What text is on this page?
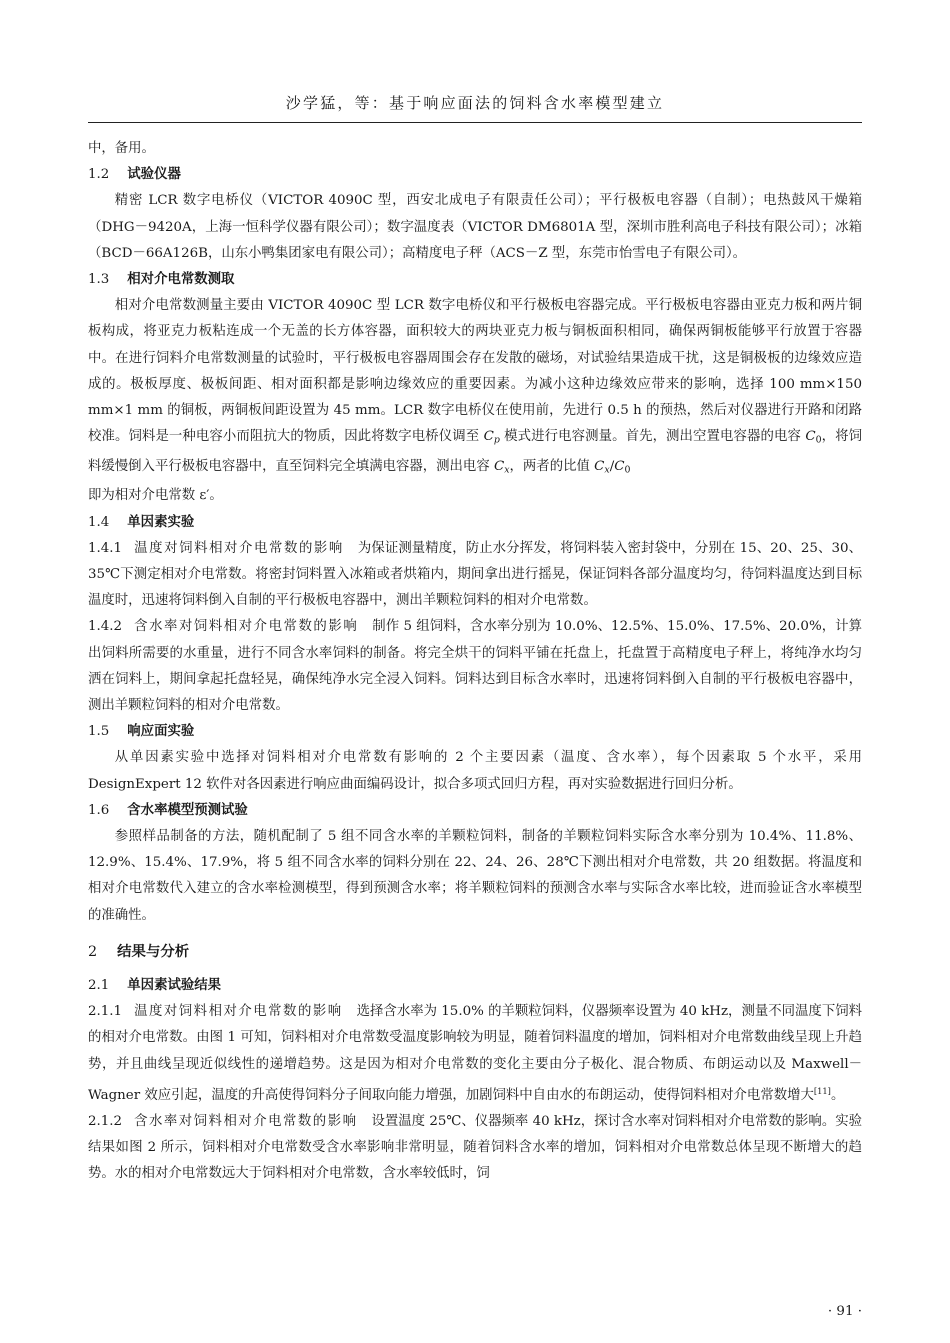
沙学猛，等：基于响应面法的饲料含水率模型建立

中，备用。

1.2 试验仪器

精密 LCR 数字电桥仪（VICTOR 4090C 型，西安北成电子有限责任公司）；平行极板电容器（自制）；电热鼓风干燥箱（DHG－9420A，上海一恒科学仪器有限公司）；数字温度表（VICTOR DM6801A 型，深圳市胜利高电子科技有限公司）；冰箱（BCD－66A126B，山东小鸭集团家电有限公司）；高精度电子秤（ACS－Z 型，东莞市怡雪电子有限公司）。

1.3 相对介电常数测取

相对介电常数测量主要由 VICTOR 4090C 型 LCR 数字电桥仪和平行极板电容器完成。平行极板电容器由亚克力板和两片铜板构成，将亚克力板粘连成一个无盖的长方体容器，面积较大的两块亚克力板与铜板面积相同，确保两铜板能够平行放置于容器中。在进行饲料介电常数测量的试验时，平行极板电容器周围会存在发散的磁场，对试验结果造成干扰，这是铜极板的边缘效应造成的。极板厚度、极板间距、相对面积都是影响边缘效应的重要因素。为减小这种边缘效应带来的影响，选择 100 mm×150 mm×1 mm 的铜板，两铜板间距设置为 45 mm。LCR 数字电桥仪在使用前，先进行 0.5 h 的预热，然后对仪器进行开路和闭路校准。饲料是一种电容小而阻抗大的物质，因此将数字电桥仪调至 $C_p$ 模式进行电容测量。首先，测出空置电容器的电容 $C_0$，将饲料缓慢倒入平行极板电容器中，直至饲料完全填满电容器，测出电容 $C_x$，两者的比值 $C_x/C_0$
即为相对介电常数 ε′。

1.4 单因素实验

1.4.1 温度对饲料相对介电常数的影响 为保证测量精度，防止水分挥发，将饲料装入密封袋中，分别在 15、20、25、30、35℃下测定相对介电常数。将密封饲料置入冰箱或者烘箱内，期间拿出进行摇晃，保证饲料各部分温度均匀，待饲料温度达到目标温度时，迅速将饲料倒入自制的平行极板电容器中，测出羊颗粒饲料的相对介电常数。

1.4.2 含水率对饲料相对介电常数的影响 制作 5 组饲料，含水率分别为 10.0%、12.5%、15.0%、17.5%、20.0%，计算出饲料所需要的水重量，进行不同含水率饲料的制备。将完全烘干的饲料平铺在托盘上，托盘置于高精度电子秤上，将纯净水均匀洒在饲料上，期间拿起托盘轻晃，确保纯净水完全浸入饲料。饲料达到目标含水率时，迅速将饲料倒入自制的平行极板电容器中，测出羊颗粒饲料的相对介电常数。

1.5 响应面实验

从单因素实验中选择对饲料相对介电常数有影响的 2 个主要因素（温度、含水率），每个因素取 5 个水平，采用 DesignExpert 12 软件对各因素进行响应曲面编码设计，拟合多项式回归方程，再对实验数据进行回归分析。

1.6 含水率模型预测试验

参照样品制备的方法，随机配制了 5 组不同含水率的羊颗粒饲料，制备的羊颗粒饲料实际含水率分别为 10.4%、11.8%、12.9%、15.4%、17.9%，将 5 组不同含水率的饲料分别在 22、24、26、28℃下测出相对介电常数，共 20 组数据。将温度和相对介电常数代入建立的含水率检测模型，得到预测含水率；将羊颗粒饲料的预测含水率与实际含水率比较，进而验证含水率模型的准确性。

2 结果与分析

2.1 单因素试验结果

2.1.1 温度对饲料相对介电常数的影响 选择含水率为 15.0% 的羊颗粒饲料，仪器频率设置为 40 kHz，测量不同温度下饲料的相对介电常数。由图 1 可知，饲料相对介电常数受温度影响较为明显，随着饲料温度的增加，饲料相对介电常数曲线呈现上升趋势，并且曲线呈现近似线性的递增趋势。这是因为相对介电常数的变化主要由分子极化、混合物质、布朗运动以及 Maxwell－Wagner 效应引起，温度的升高使得饲料分子间取向能力增强，加剧饲料中自由水的布朗运动，使得饲料相对介电常数增大[11]。

2.1.2 含水率对饲料相对介电常数的影响 设置温度 25℃、仪器频率 40 kHz，探讨含水率对饲料相对介电常数的影响。实验结果如图 2 所示，饲料相对介电常数受含水率影响非常明显，随着饲料含水率的增加，饲料相对介电常数总体呈现不断增大的趋势。水的相对介电常数远大于饲料相对介电常数，含水率较低时，饲

· 91 ·
